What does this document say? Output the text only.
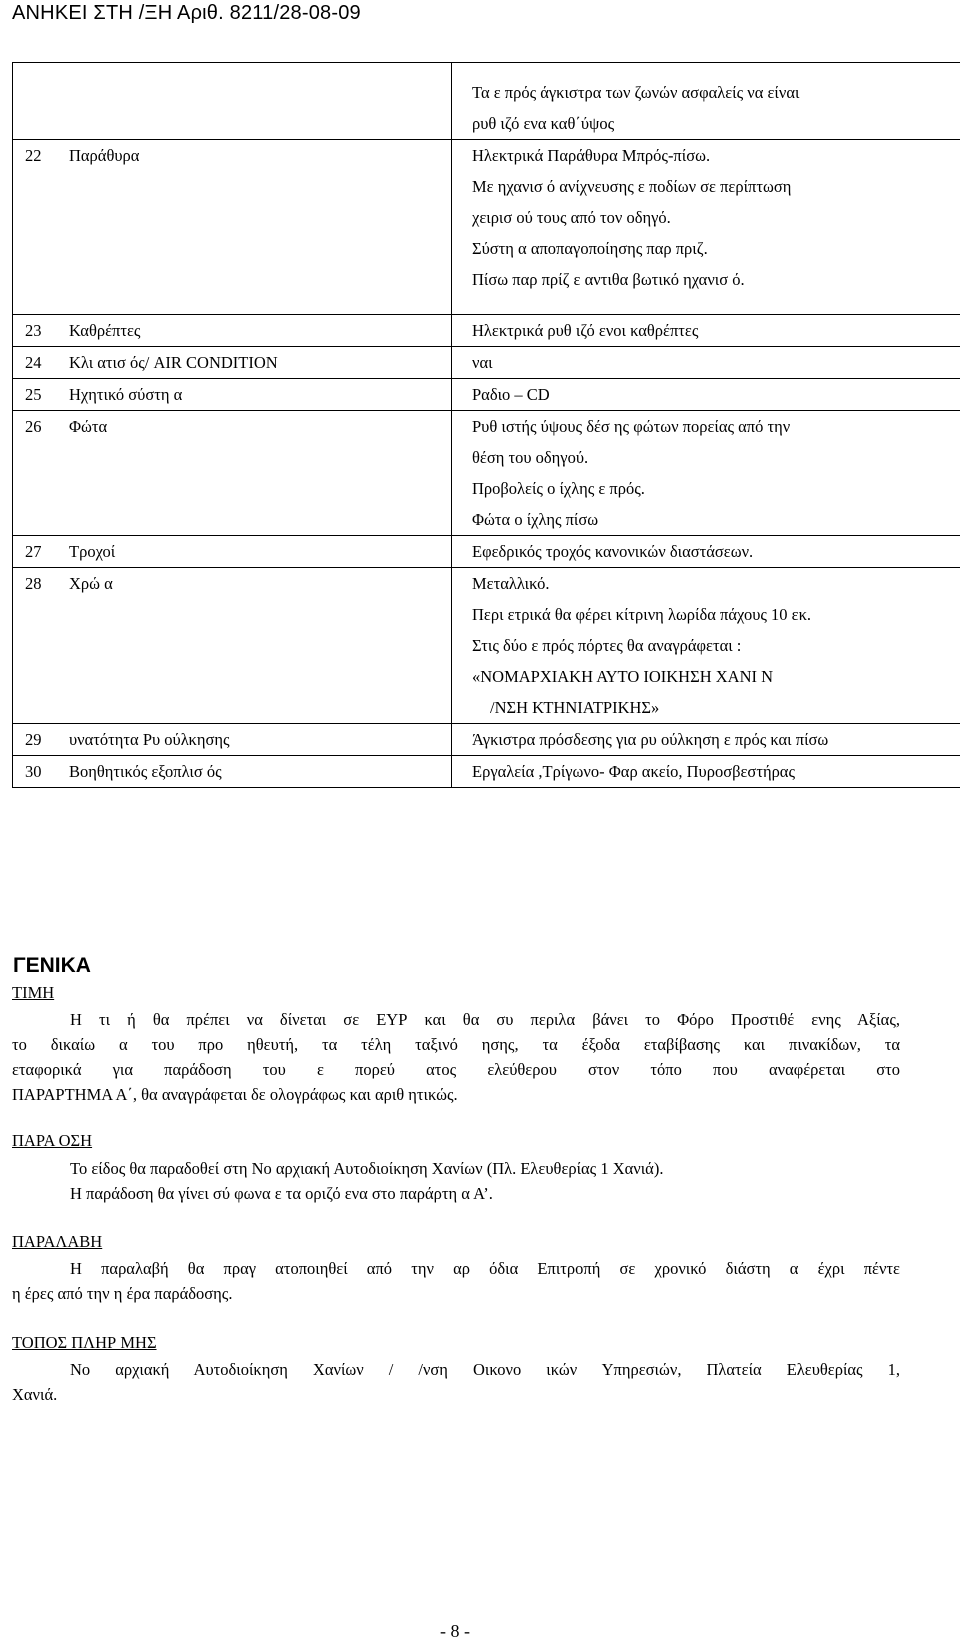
ΑΝΗΚΕΙ ΣΤΗ /ΞΗ Αριθ. 8211/28-08-09

	Τα ε πρός άγκιστρα των ζωνών ασφαλείς να είναι
ρυθ ιζό ενα καθ΄ύψος

22 Παράθυρα	Ηλεκτρικά Παράθυρα Μπρός-πίσω.
Με ηχανισ ό ανίχνευσης ε ποδίων σε περίπτωση
χειρισ ού τους από τον οδηγό.
Σύστη α αποπαγοποίησης παρ πριζ.
Πίσω παρ πρίζ ε αντιθα βωτικό ηχανισ ό.

23 Καθρέπτες	Ηλεκτρικά ρυθ ιζό ενοι καθρέπτες

24 Κλι ατισ ός/ AIR CONDITION	ναι

25 Ηχητικό σύστη α	Ραδιο – CD

26 Φώτα	Ρυθ ιστής ύψους δέσ ης φώτων πορείας από την
θέση του οδηγού.
Προβολείς ο ίχλης ε πρός.
Φώτα ο ίχλης πίσω

27 Τροχοί	Εφεδρικός τροχός κανονικών διαστάσεων.

28 Χρώ α	Μεταλλικό.
Περι ετρικά θα φέρει κίτρινη λωρίδα πάχους 10 εκ.
Στις δύο ε πρός πόρτες θα αναγράφεται :
«ΝΟΜΑΡΧΙΑΚΗ ΑΥΤΟ ΙΟΙΚΗΣΗ ΧΑΝΙ Ν
/ΝΣΗ ΚΤΗΝΙΑΤΡΙΚΗΣ»

29υνατότητα Ρυ ούλκησης	Άγκιστρα πρόσδεσης για ρυ ούλκηση ε πρός και πίσω

30 Βοηθητικός εξοπλισ ός	Εργαλεία ,Τρίγωνο- Φαρ ακείο, Πυροσβεστήρας
ΓΕΝΙΚΑ
ΤΙΜΗ
Η τι ή θα πρέπει να δίνεται σε ΕΥΡ και θα συ περιλα βάνει το Φόρο Προστιθέ ενης Αξίας,
το δικαίω α του προ ηθευτή, τα τέλη ταξινό ησης, τα έξοδα εταβίβασης και πινακίδων, τα
εταφορικά για παράδοση του ε πορεύ ατος ελεύθερου στον τόπο που αναφέρεται στο
ΠΑΡΑΡΤΗΜΑ Α΄, θα αναγράφεται δε ολογράφως και αριθ ητικώς.
ΠΑΡΑ ΟΣΗ
Το είδος θα παραδοθεί στη Νο αρχιακή Αυτοδιοίκηση Χανίων (Πλ. Ελευθερίας 1 Χανιά).
Η παράδοση θα γίνει σύ φωνα ε τα οριζό ενα στο παράρτη α Α’.
ΠΑΡΑΛΑΒΗ
Η παραλαβή θα πραγ ατοποιηθεί από την αρ όδια Επιτροπή σε χρονικό διάστη α έχρι πέντε
η έρες από την η έρα παράδοσης.
ΤΟΠΟΣ ΠΛΗΡ ΜΗΣ
Νο αρχιακή Αυτοδιοίκηση Χανίων / /νση Οικονο ικών Υπηρεσιών, Πλατεία Ελευθερίας 1,
Χανιά.
- 8 -
